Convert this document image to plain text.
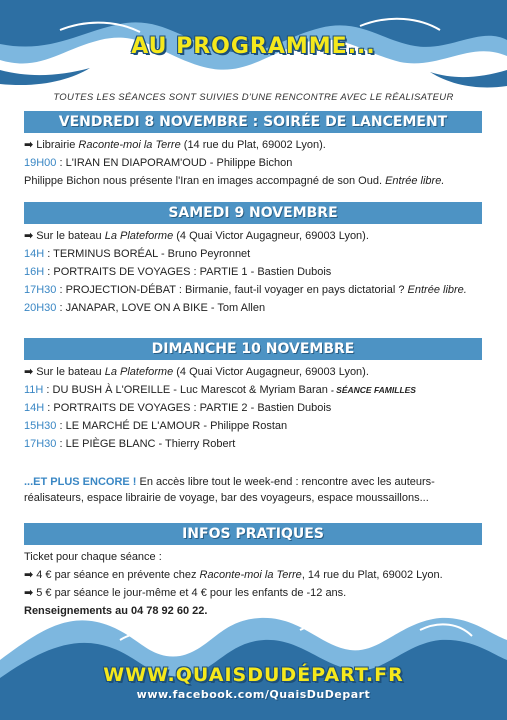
AU PROGRAMME...
TOUTES LES SÉANCES SONT SUIVIES D'UNE RENCONTRE AVEC LE RÉALISATEUR
VENDREDI 8 NOVEMBRE : SOIRÉE DE LANCEMENT
➡ Librairie Raconte-moi la Terre (14 rue du Plat, 69002 Lyon).
19H00 : L'IRAN EN DIAPORAM'OUD - Philippe Bichon
Philippe Bichon nous présente l'Iran en images accompagné de son Oud. Entrée libre.
SAMEDI 9 NOVEMBRE
➡ Sur le bateau La Plateforme (4 Quai Victor Augagneur, 69003 Lyon).
14H : TERMINUS BORÉAL - Bruno Peyronnet
16H : PORTRAITS DE VOYAGES : PARTIE 1 - Bastien Dubois
17H30 : PROJECTION-DÉBAT : Birmanie, faut-il voyager en pays dictatorial ? Entrée libre.
20H30 : JANAPAR, LOVE ON A BIKE - Tom Allen
DIMANCHE 10 NOVEMBRE
➡ Sur le bateau La Plateforme (4 Quai Victor Augagneur, 69003 Lyon).
11H : DU BUSH À L'OREILLE - Luc Marescot & Myriam Baran - SÉANCE FAMILLES
14H : PORTRAITS DE VOYAGES : PARTIE 2 - Bastien Dubois
15H30 : LE MARCHÉ DE L'AMOUR - Philippe Rostan
17H30 : LE PIÈGE BLANC - Thierry Robert
...ET PLUS ENCORE ! En accès libre tout le week-end : rencontre avec les auteurs-réalisateurs, espace librairie de voyage, bar des voyageurs, espace moussaillons...
INFOS PRATIQUES
Ticket pour chaque séance :
➡ 4 € par séance en prévente chez Raconte-moi la Terre, 14 rue du Plat, 69002 Lyon.
➡ 5 € par séance le jour-même et 4 € pour les enfants de -12 ans.
Renseignements au 04 78 92 60 22.
WWW.QUAISDUDÉPART.FR
www.facebook.com/QuaisDuDepart
